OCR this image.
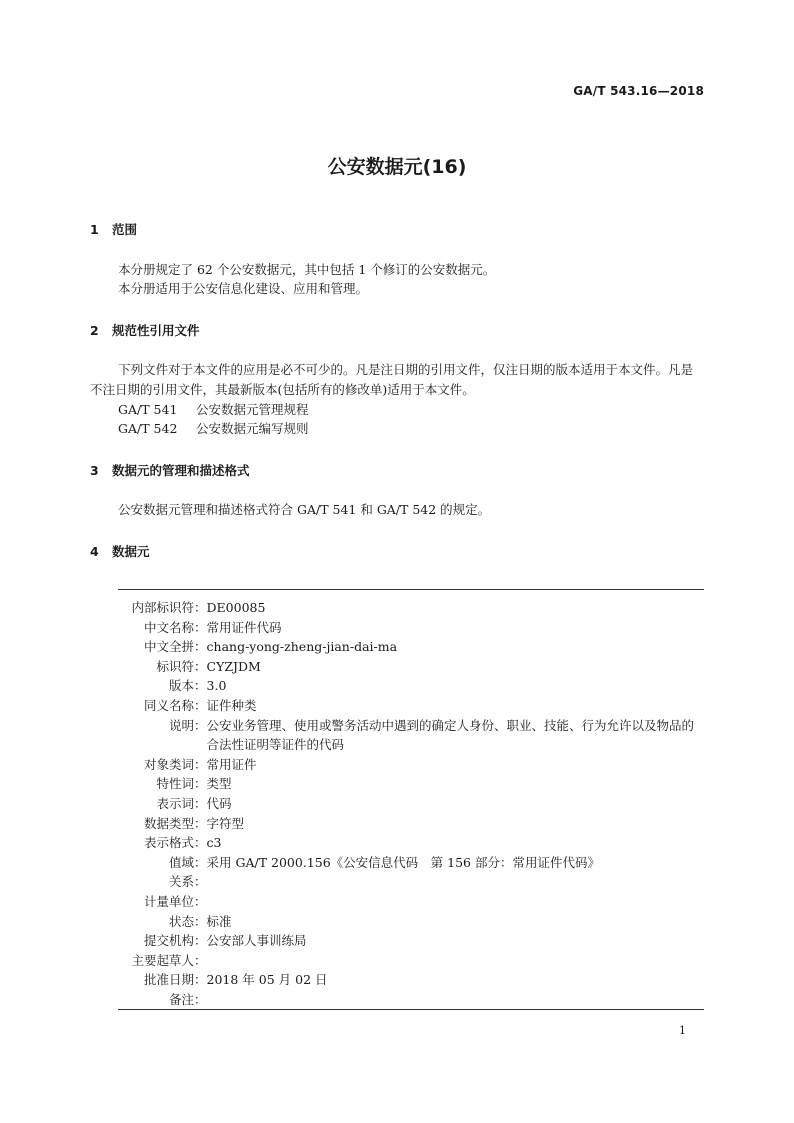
GA/T 543.16—2018
公安数据元(16)
1 范围

本分册规定了 62 个公安数据元，其中包括 1 个修订的公安数据元。

本分册适用于公安信息化建设、应用和管理。

2 规范性引用文件

下列文件对于本文件的应用是必不可少的。凡是注日期的引用文件，仅注日期的版本适用于本文件。凡是不注日期的引用文件，其最新版本(包括所有的修改单)适用于本文件。

GA/T 541 公安数据元管理规程
GA/T 542 公安数据元编写规则
3 数据元的管理和描述格式

公安数据元管理和描述格式符合 GA/T 541 和 GA/T 542 的规定。

4 数据元
内部标识符 ： DE00085
中文名称 ： 常用证件代码
中文全拼 ： chang-yong-zheng-jian-dai-ma
标识符 ： CYZJDM
版本 ： 3.0
同义名称 ： 证件种类
说明 ： 公安业务管理、使用或警务活动中遇到的确定人身份、职业、技能、行为允许以及物品的合法性证明等证件的代码
对象类词 ： 常用证件
特性词 ： 类型
表示词 ： 代码
数据类型 ： 字符型
表示格式 ： c3
值域 ： 采用 GA/T 2000.156《公安信息代码　第 156 部分：常用证件代码》
关系 ：
计量单位 ：
状态 ： 标准
提交机构 ： 公安部人事训练局
主要起草人 ：
批准日期 ： 2018 年 05 月 02 日
备注 ：
1
